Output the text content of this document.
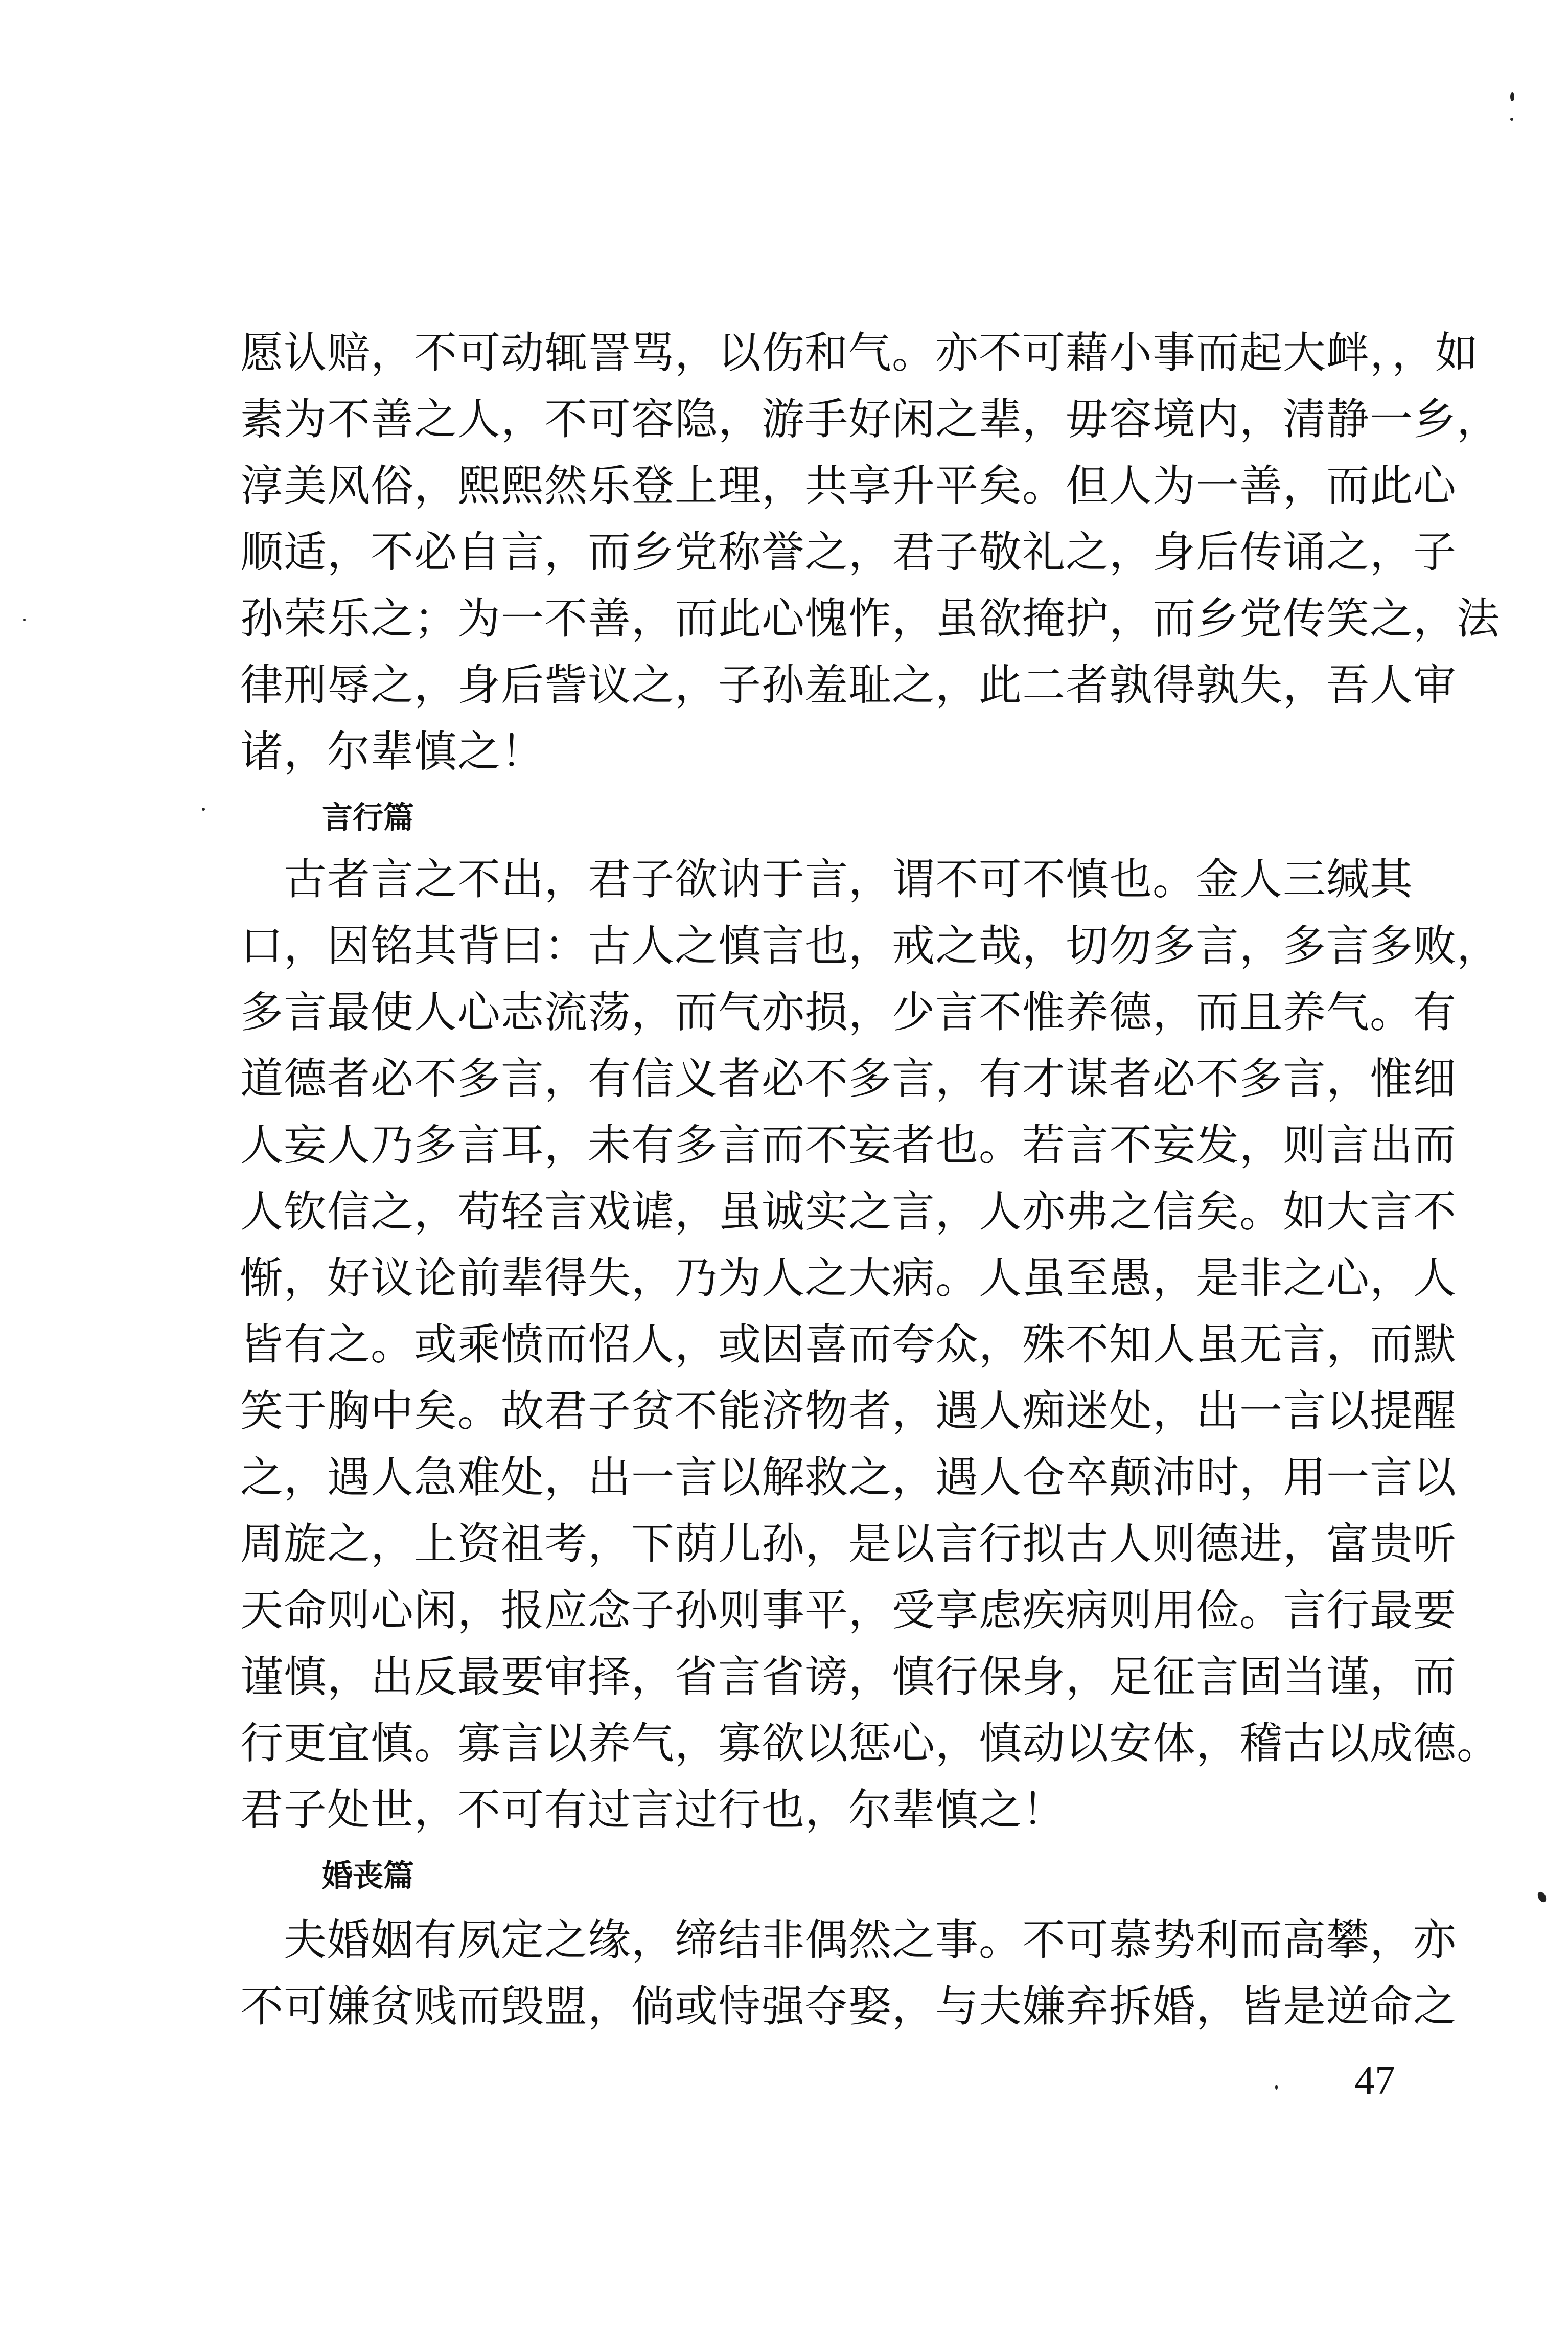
愿认赔，不可动辄詈骂，以伤和气。亦不可藉小事而起大衅，，如
素为不善之人，不可容隐，游手好闲之辈，毋容境内，清静一乡，
淳美风俗，熙熙然乐登上理，共享升平矣。但人为一善，而此心
顺适，不必自言，而乡党称誉之，君子敬礼之，身后传诵之，子
孙荣乐之；为一不善，而此心愧怍，虽欲掩护，而乡党传笑之，法
律刑辱之，身后訾议之，子孙羞耻之，此二者孰得孰失，吾人审
诸，尔辈慎之！
言行篇
古者言之不出，君子欲讷于言，谓不可不慎也。金人三缄其
口，因铭其背曰：古人之慎言也，戒之哉，切勿多言，多言多败，
多言最使人心志流荡，而气亦损，少言不惟养德，而且养气。有
道德者必不多言，有信义者必不多言，有才谋者必不多言，惟细
人妄人乃多言耳，未有多言而不妄者也。若言不妄发，则言出而
人钦信之，苟轻言戏谑，虽诚实之言，人亦弗之信矣。如大言不
惭，好议论前辈得失，乃为人之大病。人虽至愚，是非之心，人
皆有之。或乘愤而怊人，或因喜而夸众，殊不知人虽无言，而默
笑于胸中矣。故君子贫不能济物者，遇人痴迷处，出一言以提醒
之，遇人急难处，出一言以解救之，遇人仓卒颠沛时，用一言以
周旋之，上资祖考，下荫儿孙，是以言行拟古人则德进，富贵听
天命则心闲，报应念子孙则事平，受享虑疾病则用俭。言行最要
谨慎，出反最要审择，省言省谤，慎行保身，足征言固当谨，而
行更宜慎。寡言以养气，寡欲以惩心，慎动以安体，稽古以成德。
君子处世，不可有过言过行也，尔辈慎之！
婚丧篇
夫婚姻有夙定之缘，缔结非偶然之事。不可慕势利而高攀，亦
不可嫌贫贱而毁盟，倘或恃强夺娶，与夫嫌弃拆婚，皆是逆命之
47
